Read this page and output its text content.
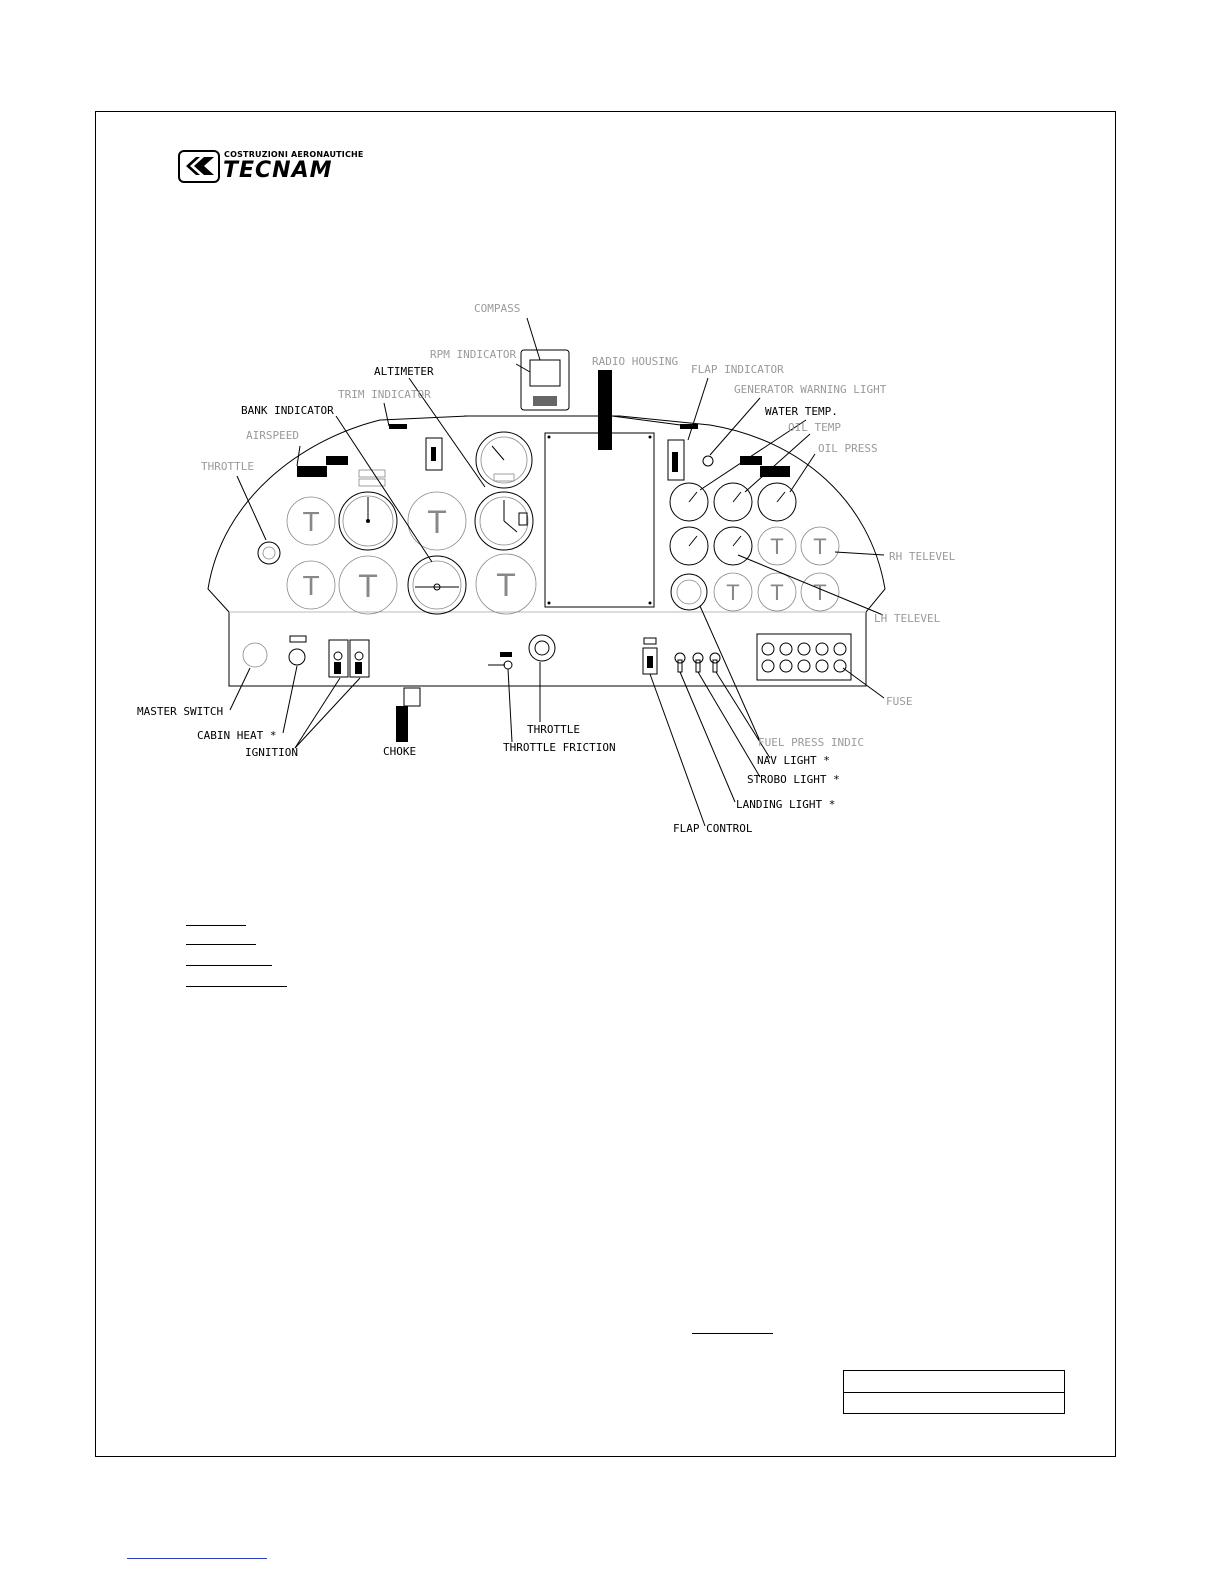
COSTRUZIONI AERONAUTICHE
TECNAM
T
T T
T
T
T T
T T T
COMPASS
RPM INDICATOR
RADIO HOUSING
FLAP INDICATOR
ALTIMETER
GENERATOR WARNING LIGHT
TRIM INDICATOR
WATER TEMP.
BANK INDICATOR
OIL TEMP
AIRSPEED
OIL PRESS
THROTTLE
RH TELEVEL
LH TELEVEL
FUSE
MASTER SWITCH
CABIN HEAT *
IGNITION	CHOKE
THROTTLE
THROTTLE FRICTION	FUEL PRESS INDIC
NAV LIGHT *
STROBO LIGHT *
LANDING LIGHT *
FLAP CONTROL
